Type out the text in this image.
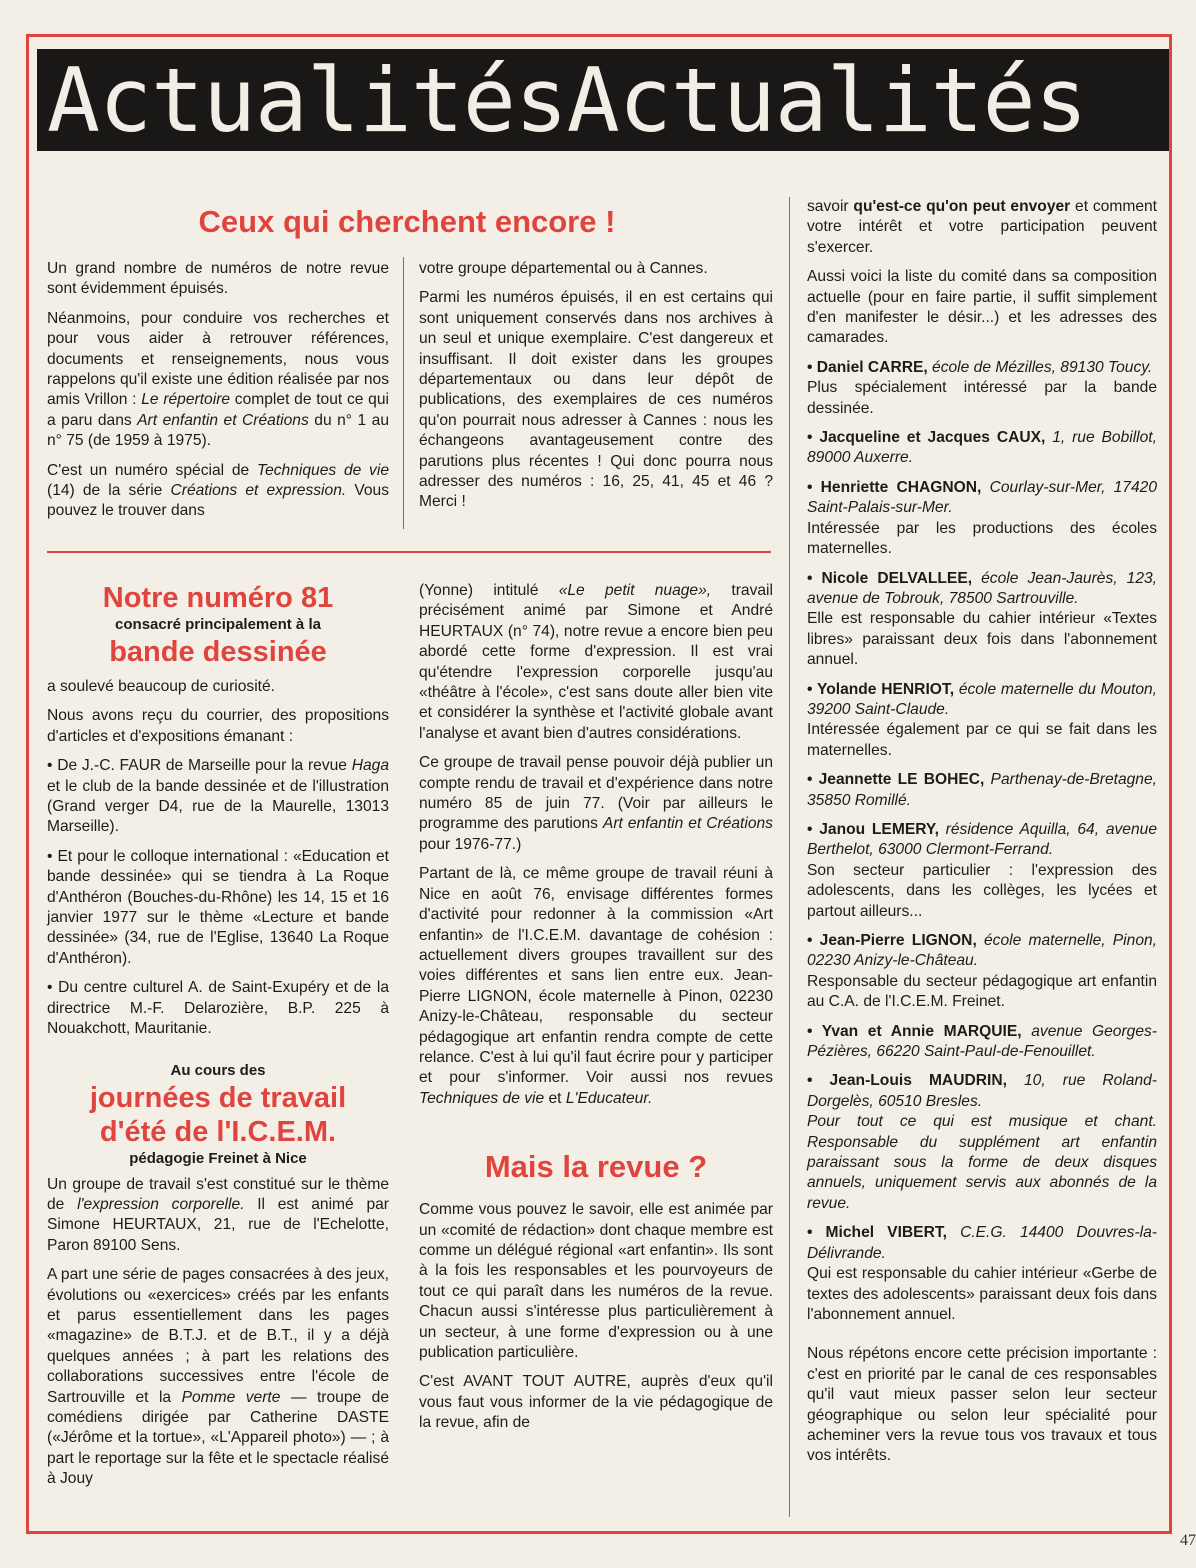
ActualitésActualités
Ceux qui cherchent encore !

Un grand nombre de numéros de notre revue sont évidemment épuisés.

Néanmoins, pour conduire vos recherches et pour vous aider à retrouver références, documents et renseignements, nous vous rappelons qu'il existe une édition réalisée par nos amis Vrillon : Le répertoire complet de tout ce qui a paru dans Art enfantin et Créations du n° 1 au n° 75 (de 1959 à 1975).

C'est un numéro spécial de Techniques de vie (14) de la série Créations et expression. Vous pouvez le trouver dans

votre groupe départemental ou à Cannes.

Parmi les numéros épuisés, il en est certains qui sont uniquement conservés dans nos archives à un seul et unique exemplaire. C'est dangereux et insuffisant. Il doit exister dans les groupes départementaux ou dans leur dépôt de publications, des exemplaires de ces numéros qu'on pourrait nous adresser à Cannes : nous les échangeons avantageusement contre des parutions plus récentes ! Qui donc pourra nous adresser des numéros : 16, 25, 41, 45 et 46 ? Merci !

Notre numéro 81
consacré principalement à la
bande dessinée

a soulevé beaucoup de curiosité.

Nous avons reçu du courrier, des propositions d'articles et d'expositions émanant :

• De J.-C. FAUR de Marseille pour la revue Haga et le club de la bande dessinée et de l'illustration (Grand verger D4, rue de la Maurelle, 13013 Marseille).

• Et pour le colloque international : «Education et bande dessinée» qui se tiendra à La Roque d'Anthéron (Bouches-du-Rhône) les 14, 15 et 16 janvier 1977 sur le thème «Lecture et bande dessinée» (34, rue de l'Eglise, 13640 La Roque d'Anthéron).

• Du centre culturel A. de Saint-Exupéry et de la directrice M.-F. Delarozière, B.P. 225 à Nouakchott, Mauritanie.

Au cours des
journées de travail
d'été de l'I.C.E.M.
pédagogie Freinet à Nice

Un groupe de travail s'est constitué sur le thème de l'expression corporelle. Il est animé par Simone HEURTAUX, 21, rue de l'Echelotte, Paron 89100 Sens.

A part une série de pages consacrées à des jeux, évolutions ou «exercices» créés par les enfants et parus essentiellement dans les pages «magazine» de B.T.J. et de B.T., il y a déjà quelques années ; à part les relations des collaborations successives entre l'école de Sartrouville et la Pomme verte — troupe de comédiens dirigée par Catherine DASTE («Jérôme et la tortue», «L'Appareil photo») — ; à part le reportage sur la fête et le spectacle réalisé à Jouy

(Yonne) intitulé «Le petit nuage», travail précisément animé par Simone et André HEURTAUX (n° 74), notre revue a encore bien peu abordé cette forme d'expression. Il est vrai qu'étendre l'expression corporelle jusqu'au «théâtre à l'école», c'est sans doute aller bien vite et considérer la synthèse et l'activité globale avant l'analyse et avant bien d'autres considérations.

Ce groupe de travail pense pouvoir déjà publier un compte rendu de travail et d'expérience dans notre numéro 85 de juin 77. (Voir par ailleurs le programme des parutions Art enfantin et Créations pour 1976-77.)

Partant de là, ce même groupe de travail réuni à Nice en août 76, envisage différentes formes d'activité pour redonner à la commission «Art enfantin» de l'I.C.E.M. davantage de cohésion : actuellement divers groupes travaillent sur des voies différentes et sans lien entre eux. Jean-Pierre LIGNON, école maternelle à Pinon, 02230 Anizy-le-Château, responsable du secteur pédagogique art enfantin rendra compte de cette relance. C'est à lui qu'il faut écrire pour y participer et pour s'informer. Voir aussi nos revues Techniques de vie et L'Educateur.

Mais la revue ?

Comme vous pouvez le savoir, elle est animée par un «comité de rédaction» dont chaque membre est comme un délégué régional «art enfantin». Ils sont à la fois les responsables et les pourvoyeurs de tout ce qui paraît dans les numéros de la revue. Chacun aussi s'intéresse plus particulièrement à un secteur, à une forme d'expression ou à une publication particulière.

C'est AVANT TOUT AUTRE, auprès d'eux qu'il vous faut vous informer de la vie pédagogique de la revue, afin de

savoir qu'est-ce qu'on peut envoyer et comment votre intérêt et votre participation peuvent s'exercer.

Aussi voici la liste du comité dans sa composition actuelle (pour en faire partie, il suffit simplement d'en manifester le désir...) et les adresses des camarades.

• Daniel CARRE, école de Mézilles, 89130 Toucy.
Plus spécialement intéressé par la bande dessinée.

• Jacqueline et Jacques CAUX, 1, rue Bobillot, 89000 Auxerre.

• Henriette CHAGNON, Courlay-sur-Mer, 17420 Saint-Palais-sur-Mer.
Intéressée par les productions des écoles maternelles.

• Nicole DELVALLEE, école Jean-Jaurès, 123, avenue de Tobrouk, 78500 Sartrouville.
Elle est responsable du cahier intérieur «Textes libres» paraissant deux fois dans l'abonnement annuel.

• Yolande HENRIOT, école maternelle du Mouton, 39200 Saint-Claude.
Intéressée également par ce qui se fait dans les maternelles.

• Jeannette LE BOHEC, Parthenay-de-Bretagne, 35850 Romillé.

• Janou LEMERY, résidence Aquilla, 64, avenue Berthelot, 63000 Clermont-Ferrand.
Son secteur particulier : l'expression des adolescents, dans les collèges, les lycées et partout ailleurs...

• Jean-Pierre LIGNON, école maternelle, Pinon, 02230 Anizy-le-Château.
Responsable du secteur pédagogique art enfantin au C.A. de l'I.C.E.M. Freinet.

• Yvan et Annie MARQUIE, avenue Georges-Pézières, 66220 Saint-Paul-de-Fenouillet.

• Jean-Louis MAUDRIN, 10, rue Roland-Dorgelès, 60510 Bresles.
Pour tout ce qui est musique et chant. Responsable du supplément art enfantin paraissant sous la forme de deux disques annuels, uniquement servis aux abonnés de la revue.

• Michel VIBERT, C.E.G. 14400 Douvres-la-Délivrande.
Qui est responsable du cahier intérieur «Gerbe de textes des adolescents» paraissant deux fois dans l'abonnement annuel.

Nous répétons encore cette précision importante : c'est en priorité par le canal de ces responsables qu'il vaut mieux passer selon leur secteur géographique ou selon leur spécialité pour acheminer vers la revue tous vos travaux et tous vos intérêts.

47
